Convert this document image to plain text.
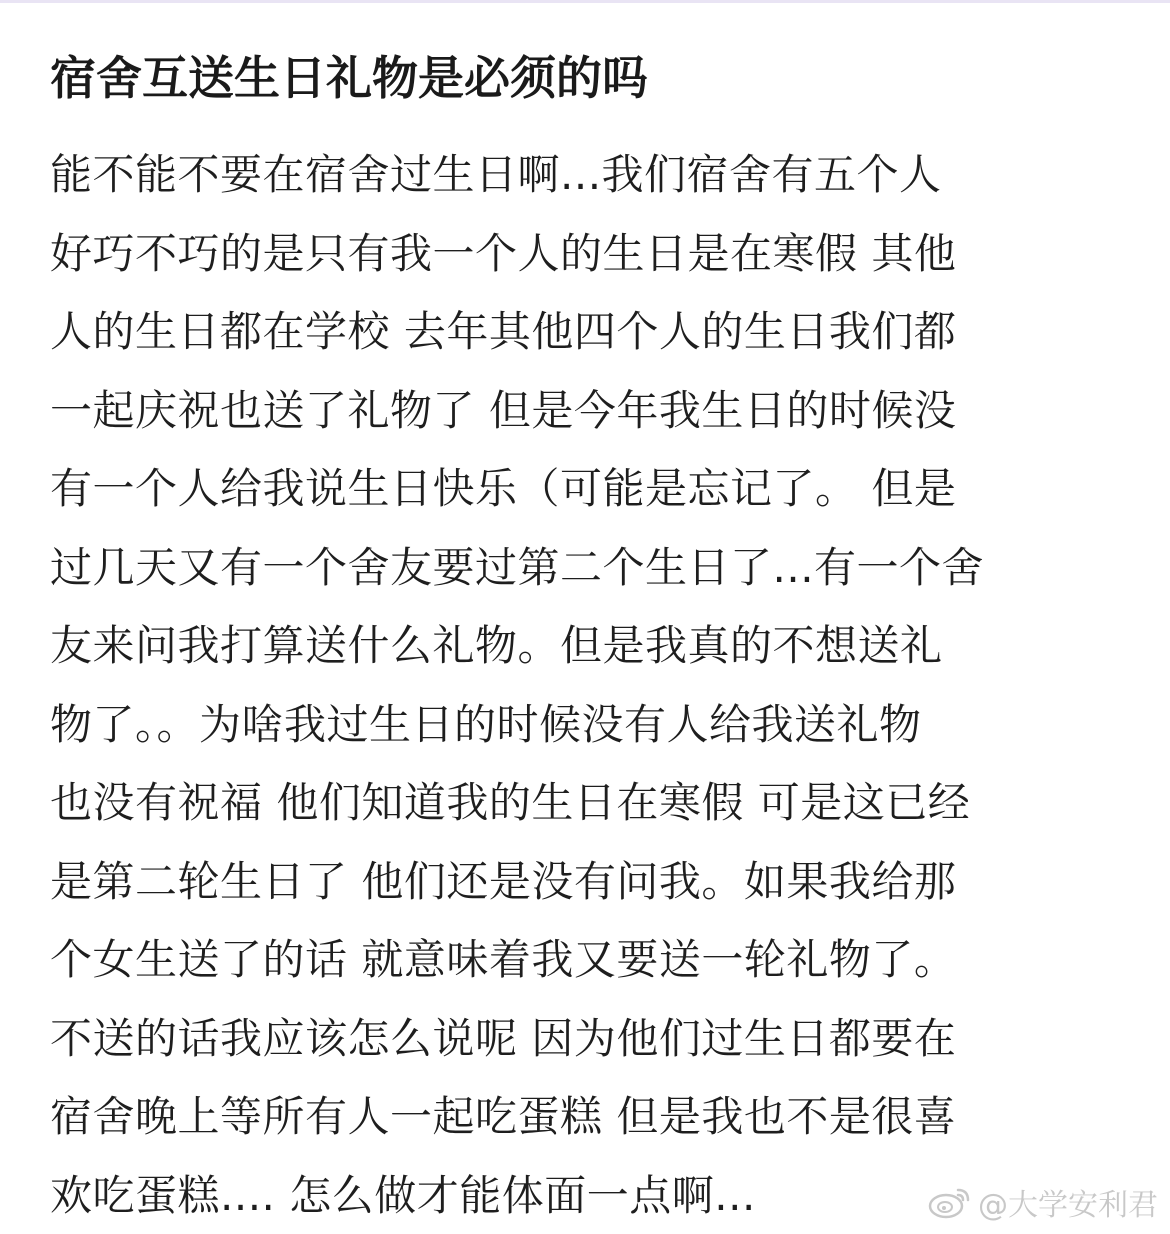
宿舍互送生日礼物是必须的吗
能不能不要在宿舍过生日啊...我们宿舍有五个人
好巧不巧的是只有我一个人的生日是在寒假 其他
人的生日都在学校 去年其他四个人的生日我们都
一起庆祝也送了礼物了 但是今年我生日的时候没
有一个人给我说生日快乐（可能是忘记了。 但是
过几天又有一个舍友要过第二个生日了...有一个舍
友来问我打算送什么礼物。但是我真的不想送礼
物了。。为啥我过生日的时候没有人给我送礼物
也没有祝福 他们知道我的生日在寒假 可是这已经
是第二轮生日了 他们还是没有问我。如果我给那
个女生送了的话 就意味着我又要送一轮礼物了。
不送的话我应该怎么说呢 因为他们过生日都要在
宿舍晚上等所有人一起吃蛋糕 但是我也不是很喜
欢吃蛋糕.... 怎么做才能体面一点啊...	@大学安利君
